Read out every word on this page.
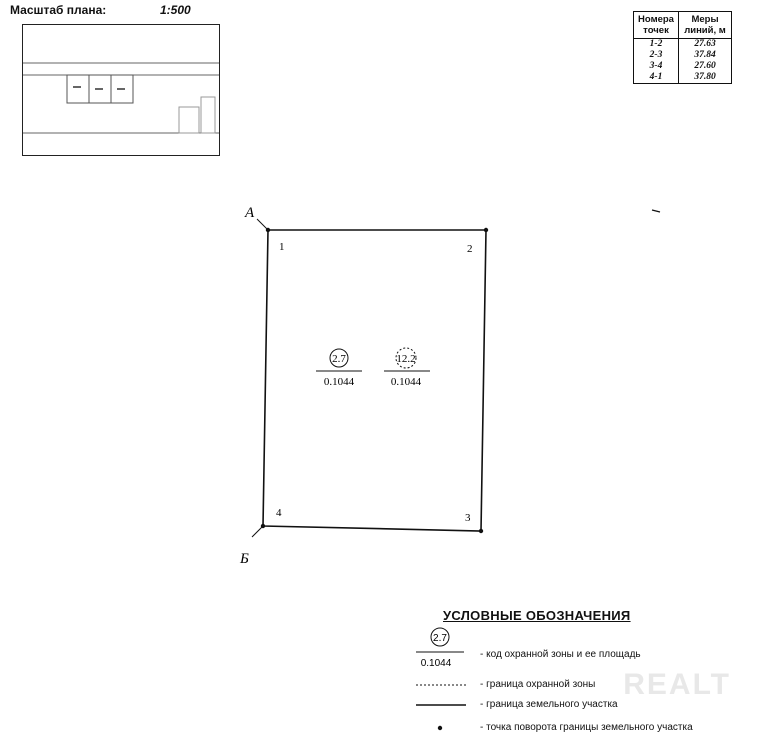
Масштаб плана:	1:500
Номера точек	Меры линий, м
1-2	27.63
2-3	37.84
3-4	27.60
4-1	37.80
А
Б
1	2
3
4
2.7
0.1044
12.2
0.1044
2.7
0.1044
УСЛОВНЫЕ ОБОЗНАЧЕНИЯ
- код охранной зоны и ее площадь
- граница охранной зоны
- граница земельного участка
- точка поворота границы земельного участка
REALT
